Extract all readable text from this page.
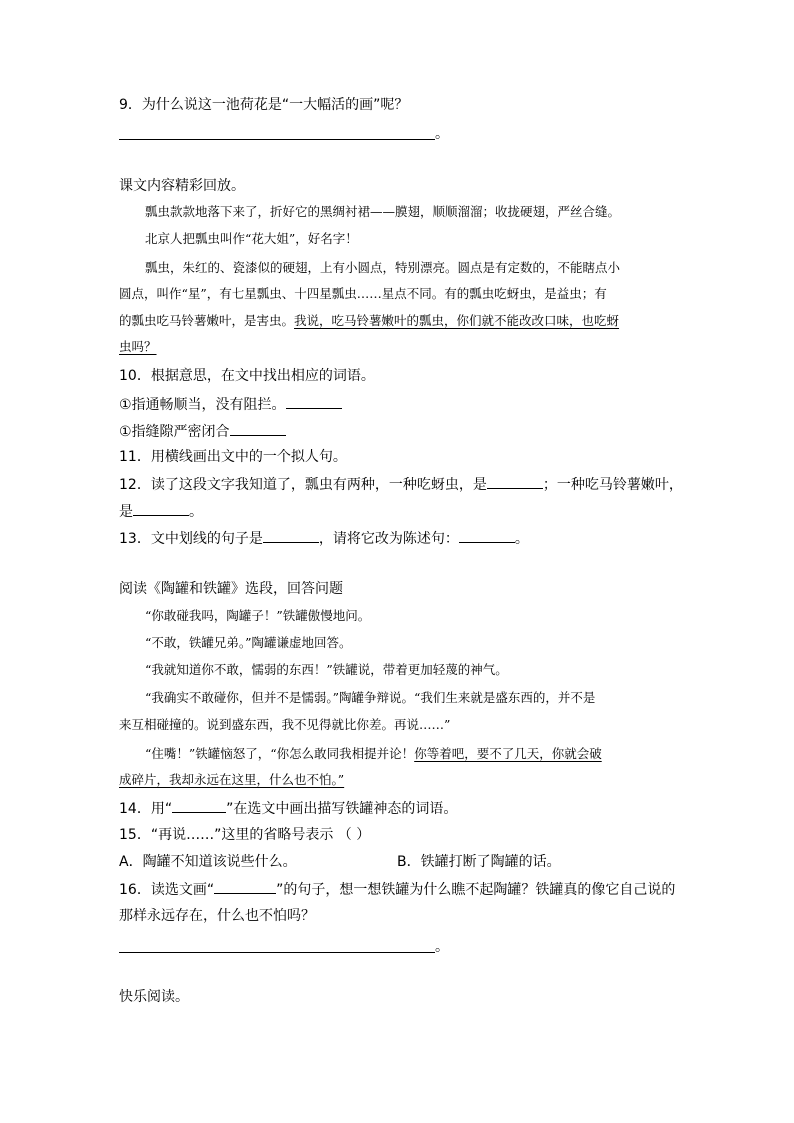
9．为什么说这一池荷花是“一大幅活的画”呢？
。
课文内容精彩回放。
瓢虫款款地落下来了，折好它的黑绸衬裙——膜翅，顺顺溜溜；收拢硬翅，严丝合缝。
北京人把瓢虫叫作“花大姐”，好名字！
瓢虫，朱红的、瓷漆似的硬翅，上有小圆点，特别漂亮。圆点是有定数的，不能瞎点小
圆点，叫作“星”，有七星瓢虫、十四星瓢虫……星点不同。有的瓢虫吃蚜虫，是益虫；有
的瓢虫吃马铃薯嫩叶，是害虫。我说，吃马铃薯嫩叶的瓢虫，你们就不能改改口味，也吃蚜
虫吗？
10．根据意思，在文中找出相应的词语。
①指通畅顺当，没有阻拦。
①指缝隙严密闭合
11．用横线画出文中的一个拟人句。
12．读了这段文字我知道了，瓢虫有两种，一种吃蚜虫，是	；一种吃马铃薯嫩叶，
是	。
13．文中划线的句子是	，请将它改为陈述句：	。
阅读《陶罐和铁罐》选段，回答问题
“你敢碰我吗，陶罐子！”铁罐傲慢地问。
“不敢，铁罐兄弟。”陶罐谦虚地回答。
“我就知道你不敢，懦弱的东西！”铁罐说，带着更加轻蔑的神气。
“我确实不敢碰你，但并不是懦弱。”陶罐争辩说。“我们生来就是盛东西的，并不是
来互相碰撞的。说到盛东西，我不见得就比你差。再说……”
“住嘴！”铁罐恼怒了，“你怎么敢同我相提并论！你等着吧，要不了几天，你就会破
成碎片，我却永远在这里，什么也不怕。”
14．用“	”在选文中画出描写铁罐神态的词语。
15．“再说……”这里的省略号表示 （ ）
A．陶罐不知道该说些什么。	B．铁罐打断了陶罐的话。
16．读选文画“	”的句子，想一想铁罐为什么瞧不起陶罐？铁罐真的像它自己说的
那样永远存在，什么也不怕吗？
。
快乐阅读。
